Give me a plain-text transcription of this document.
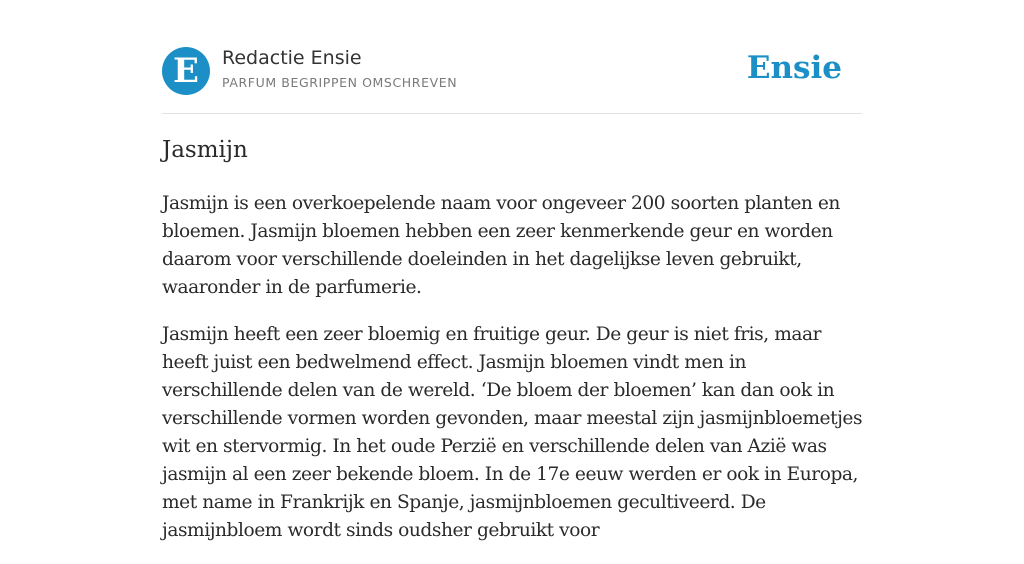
E Redactie Ensie
PARFUM BEGRIPPEN OMSCHREVEN	Ensie
Jasmijn

Jasmijn is een overkoepelende naam voor ongeveer 200 soorten planten en bloemen. Jasmijn bloemen hebben een zeer kenmerkende geur en worden daarom voor verschillende doeleinden in het dagelijkse leven gebruikt, waaronder in de parfumerie.

Jasmijn heeft een zeer bloemig en fruitige geur. De geur is niet fris, maar heeft juist een bedwelmend effect. Jasmijn bloemen vindt men in verschillende delen van de wereld. ‘De bloem der bloemen’ kan dan ook in verschillende vormen worden gevonden, maar meestal zijn jasmijnbloemetjes wit en stervormig. In het oude Perzië en verschillende delen van Azië was jasmijn al een zeer bekende bloem. In de 17e eeuw werden er ook in Europa, met name in Frankrijk en Spanje, jasmijnbloemen gecultiveerd. De jasmijnbloem wordt sinds oudsher gebruikt voor
